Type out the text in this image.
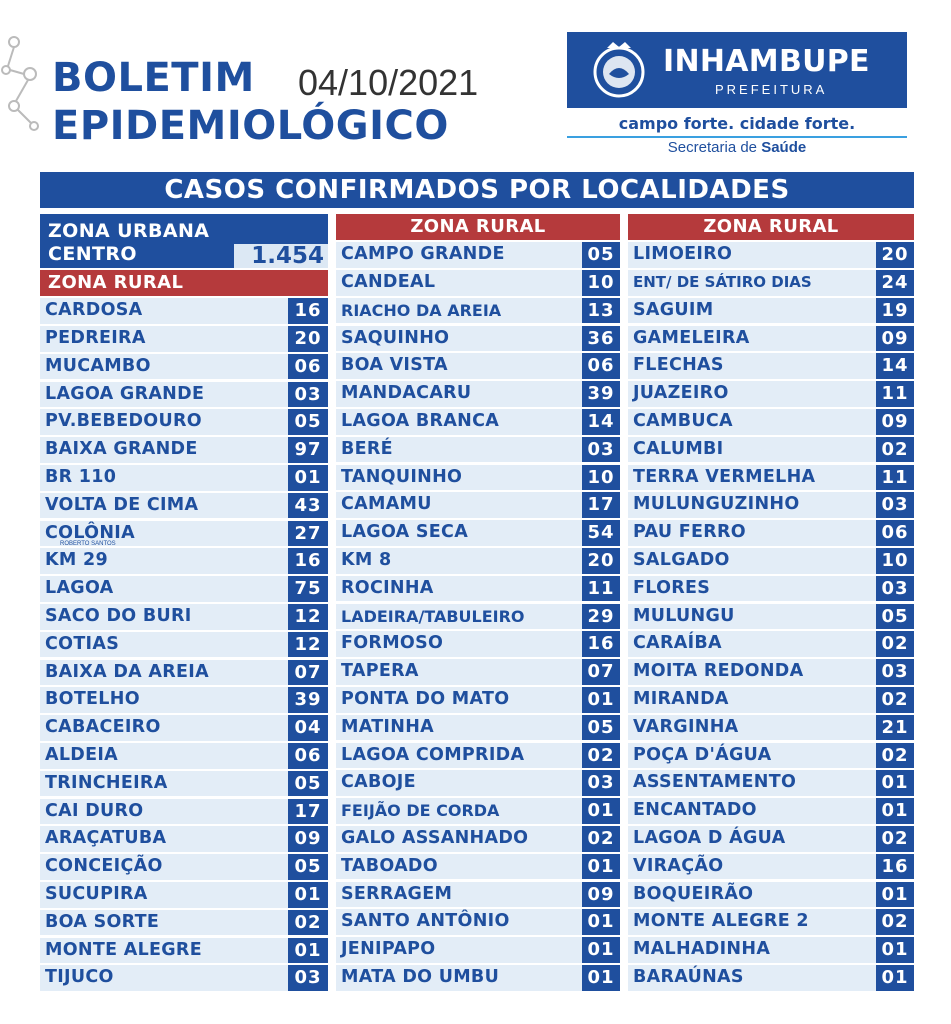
BOLETIM
EPIDEMIOLÓGICO
04/10/2021
INHAMBUPE
PREFEITURA
campo forte. cidade forte.
Secretaria de Saúde
CASOS CONFIRMADOS POR LOCALIDADES
ZONA URBANA
CENTRO	1.454
ZONA RURAL
CARDOSA	16
PEDREIRA	20
MUCAMBO	06
LAGOA GRANDE	03
PV.BEBEDOURO	05
BAIXA GRANDE	97
BR 110	01
VOLTA DE CIMA	43
COLÔNIA	27
KM 29	16
LAGOA	75
SACO DO BURI	12
COTIAS	12
BAIXA DA AREIA	07
BOTELHO	39
CABACEIRO	04
ALDEIA	06
TRINCHEIRA	05
CAI DURO	17
ARAÇATUBA	09
CONCEIÇÃO	05
SUCUPIRA	01
BOA SORTE	02
MONTE ALEGRE	01
TIJUCO	03
ZONA RURAL
CAMPO GRANDE	05
CANDEAL	10
RIACHO DA AREIA	13
SAQUINHO	36
BOA VISTA	06
MANDACARU	39
LAGOA BRANCA	14
BERÉ	03
TANQUINHO	10
CAMAMU	17
LAGOA SECA	54
KM 8	20
ROCINHA	11
LADEIRA/TABULEIRO	29
FORMOSO	16
TAPERA	07
PONTA DO MATO	01
MATINHA	05
LAGOA COMPRIDA	02
CABOJE	03
FEIJÃO DE CORDA	01
GALO ASSANHADO	02
TABOADO	01
SERRAGEM	09
SANTO ANTÔNIO	01
JENIPAPO	01
MATA DO UMBU	01
ZONA RURAL
LIMOEIRO	20
ENT/ DE SÁTIRO DIAS	24
SAGUIM	19
GAMELEIRA	09
FLECHAS	14
JUAZEIRO	11
CAMBUCA	09
CALUMBI	02
TERRA VERMELHA	11
MULUNGUZINHO	03
PAU FERRO	06
SALGADO	10
FLORES	03
MULUNGU	05
CARAÍBA	02
MOITA REDONDA	03
MIRANDA	02
VARGINHA	21
POÇA D'ÁGUA	02
ASSENTAMENTO	01
ENCANTADO	01
LAGOA D ÁGUA	02
VIRAÇÃO	16
BOQUEIRÃO	01
MONTE ALEGRE 2	02
MALHADINHA	01
BARAÚNAS	01
ROBERTO SANTOS
